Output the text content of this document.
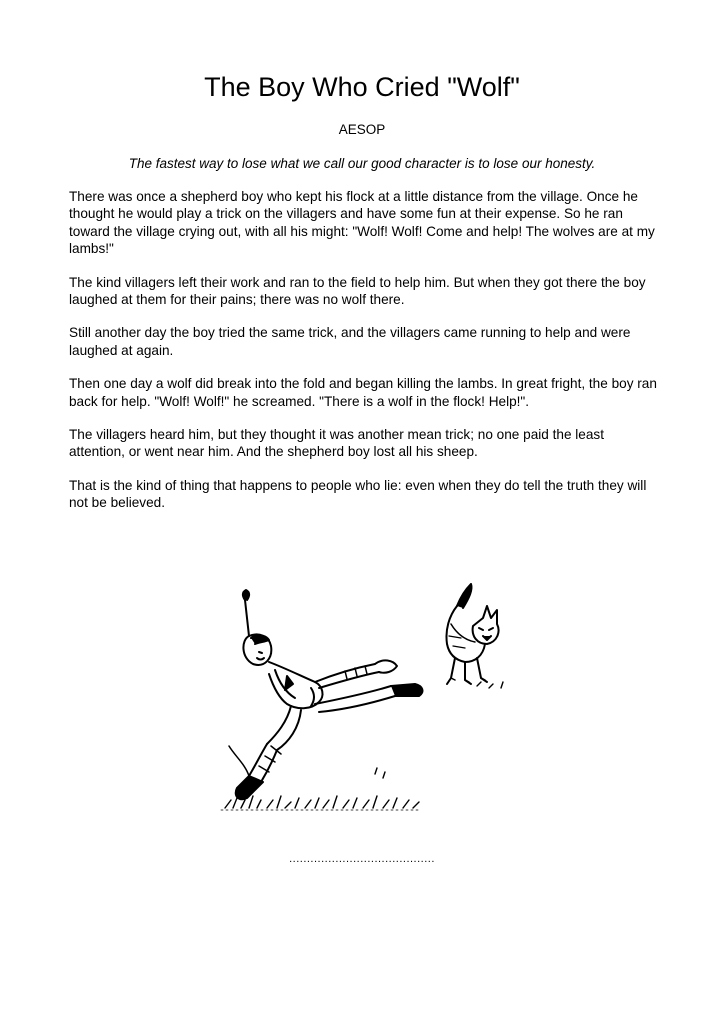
The Boy Who Cried "Wolf"
AESOP
The fastest way to lose what we call our good character is to lose our honesty.

There was once a shepherd boy who kept his flock at a little distance from the village. Once he thought he would play a trick on the villagers and have some fun at their expense. So he ran toward the village crying out, with all his might: "Wolf! Wolf! Come and help! The wolves are at my lambs!"

The kind villagers left their work and ran to the field to help him. But when they got there the boy laughed at them for their pains; there was no wolf there.

Still another day the boy tried the same trick, and the villagers came running to help and were laughed at again.

Then one day a wolf did break into the fold and began killing the lambs. In great fright, the boy ran back for help. "Wolf! Wolf!" he screamed. "There is a wolf in the flock! Help!".

The villagers heard him, but they thought it was another mean trick; no one paid the least attention, or went near him. And the shepherd boy lost all his sheep.

That is the kind of thing that happens to people who lie: even when they do tell the truth they will not be believed.

.........................................
